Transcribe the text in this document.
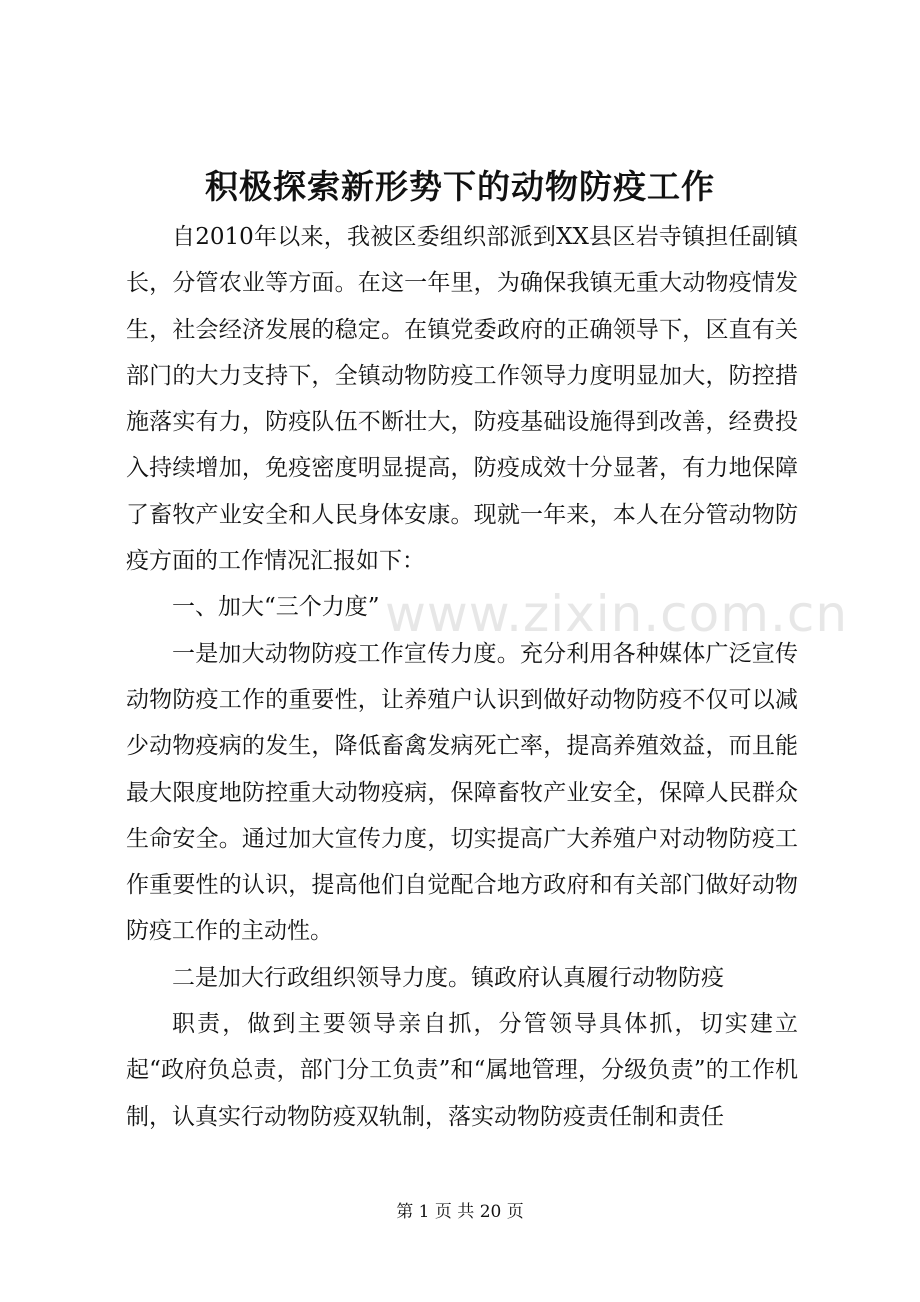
积极探索新形势下的动物防疫工作

自2010年以来，我被区委组织部派到XX县区岩寺镇担任副镇长，分管农业等方面。在这一年里，为确保我镇无重大动物疫情发生，社会经济发展的稳定。在镇党委政府的正确领导下，区直有关部门的大力支持下，全镇动物防疫工作领导力度明显加大，防控措施落实有力，防疫队伍不断壮大，防疫基础设施得到改善，经费投入持续增加，免疫密度明显提高，防疫成效十分显著，有力地保障了畜牧产业安全和人民身体安康。现就一年来，本人在分管动物防疫方面的工作情况汇报如下：

一、加大“三个力度”

一是加大动物防疫工作宣传力度。充分利用各种媒体广泛宣传动物防疫工作的重要性，让养殖户认识到做好动物防疫不仅可以减少动物疫病的发生，降低畜禽发病死亡率，提高养殖效益，而且能最大限度地防控重大动物疫病，保障畜牧产业安全，保障人民群众生命安全。通过加大宣传力度，切实提高广大养殖户对动物防疫工作重要性的认识，提高他们自觉配合地方政府和有关部门做好动物防疫工作的主动性。

二是加大行政组织领导力度。镇政府认真履行动物防疫

职责，做到主要领导亲自抓，分管领导具体抓，切实建立起“政府负总责，部门分工负责”和“属地管理，分级负责”的工作机制，认真实行动物防疫双轨制，落实动物防疫责任制和责任

www.zixin.com.cn
第 1 页 共 20 页
